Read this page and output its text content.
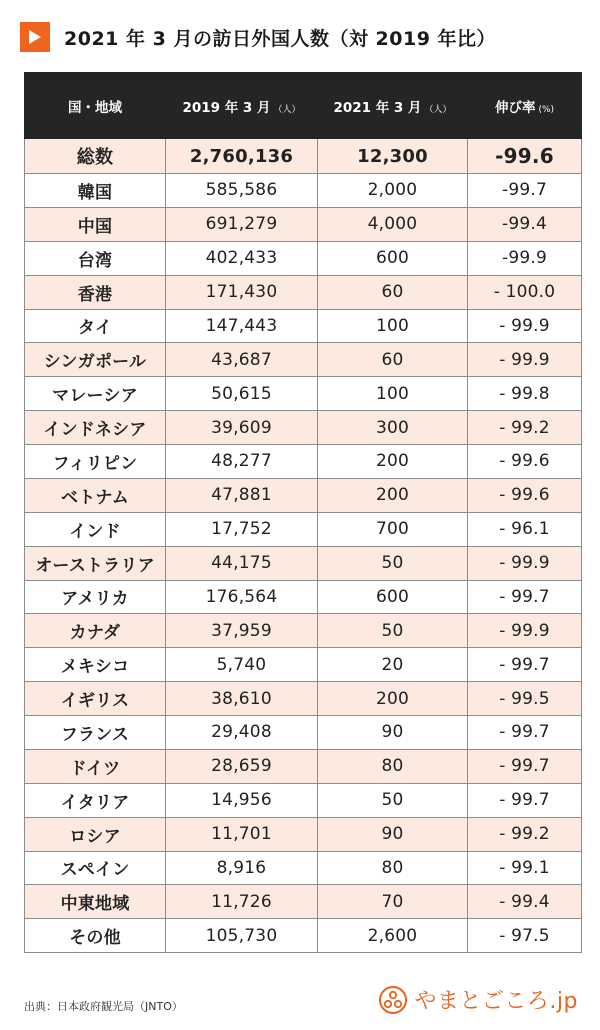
2021 年 3 月の訪日外国人数（対 2019 年比）
国・地域	2019 年 3 月 （人）	2021 年 3 月 （人）	伸び率 (%)
総数	2,760,136	12,300	-99.6
韓国	585,586	2,000	-99.7
中国	691,279	4,000	-99.4
台湾	402,433	600	-99.9
香港	171,430	60	- 100.0
タイ	147,443	100	- 99.9
シンガポール	43,687	60	- 99.9
マレーシア	50,615	100	- 99.8
インドネシア	39,609	300	- 99.2
フィリピン	48,277	200	- 99.6
ベトナム	47,881	200	- 99.6
インド	17,752	700	- 96.1
オーストラリア	44,175	50	- 99.9
アメリカ	176,564	600	- 99.7
カナダ	37,959	50	- 99.9
メキシコ	5,740	20	- 99.7
イギリス	38,610	200	- 99.5
フランス	29,408	90	- 99.7
ドイツ	28,659	80	- 99.7
イタリア	14,956	50	- 99.7
ロシア	11,701	90	- 99.2
スペイン	8,916	80	- 99.1
中東地域	11,726	70	- 99.4
その他	105,730	2,600	- 97.5
出典：日本政府観光局（JNTO）	やまとごころ.jp
